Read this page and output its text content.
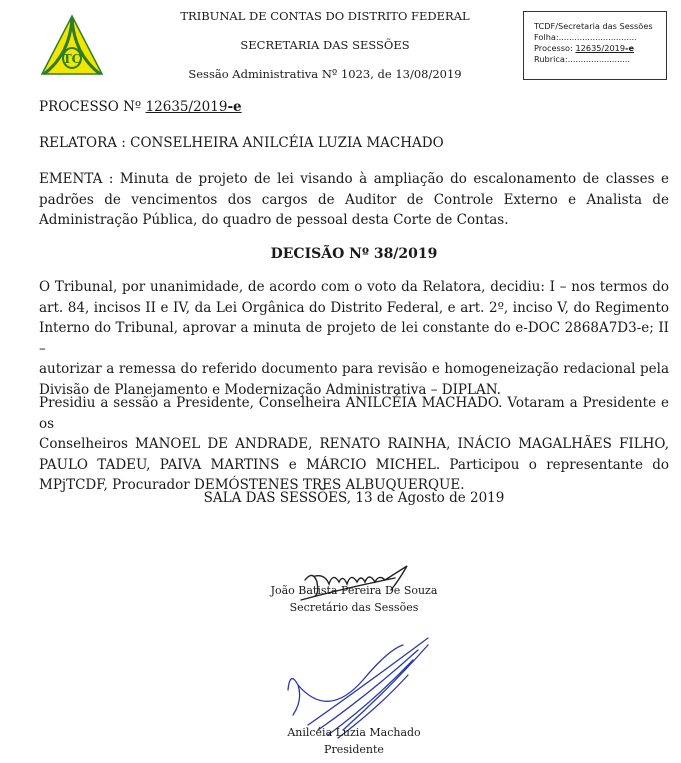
TC
TRIBUNAL DE CONTAS DO DISTRITO FEDERAL
SECRETARIA DAS SESSÕES
Sessão Administrativa Nº 1023, de 13/08/2019
TCDF/Secretaria das Sessões
Folha:..............................
Processo: 12635/2019-e
Rubrica:........................
PROCESSO Nº 12635/2019-e
RELATORA : CONSELHEIRA ANILCÉIA LUZIA MACHADO
EMENTA : Minuta de projeto de lei visando à ampliação do escalonamento de classes e
padrões de vencimentos dos cargos de Auditor de Controle Externo e Analista de
Administração Pública, do quadro de pessoal desta Corte de Contas.
DECISÃO Nº 38/2019
O Tribunal, por unanimidade, de acordo com o voto da Relatora, decidiu: I – nos termos do
art. 84, incisos II e IV, da Lei Orgânica do Distrito Federal, e art. 2º, inciso V, do Regimento
Interno do Tribunal, aprovar a minuta de projeto de lei constante do e-DOC 2868A7D3-e; II –
autorizar a remessa do referido documento para revisão e homogeneização redacional pela
Divisão de Planejamento e Modernização Administrativa – DIPLAN.
Presidiu a sessão a Presidente, Conselheira ANILCÉIA MACHADO. Votaram a Presidente e os
Conselheiros MANOEL DE ANDRADE, RENATO RAINHA, INÁCIO MAGALHÃES FILHO,
PAULO TADEU, PAIVA MARTINS e MÁRCIO MICHEL. Participou o representante do
MPjTCDF, Procurador DEMÓSTENES TRES ALBUQUERQUE.
SALA DAS SESSÕES, 13 de Agosto de 2019
João Batista Pereira De Souza
Secretário das Sessões
Anilcéia Luzia Machado
Presidente
